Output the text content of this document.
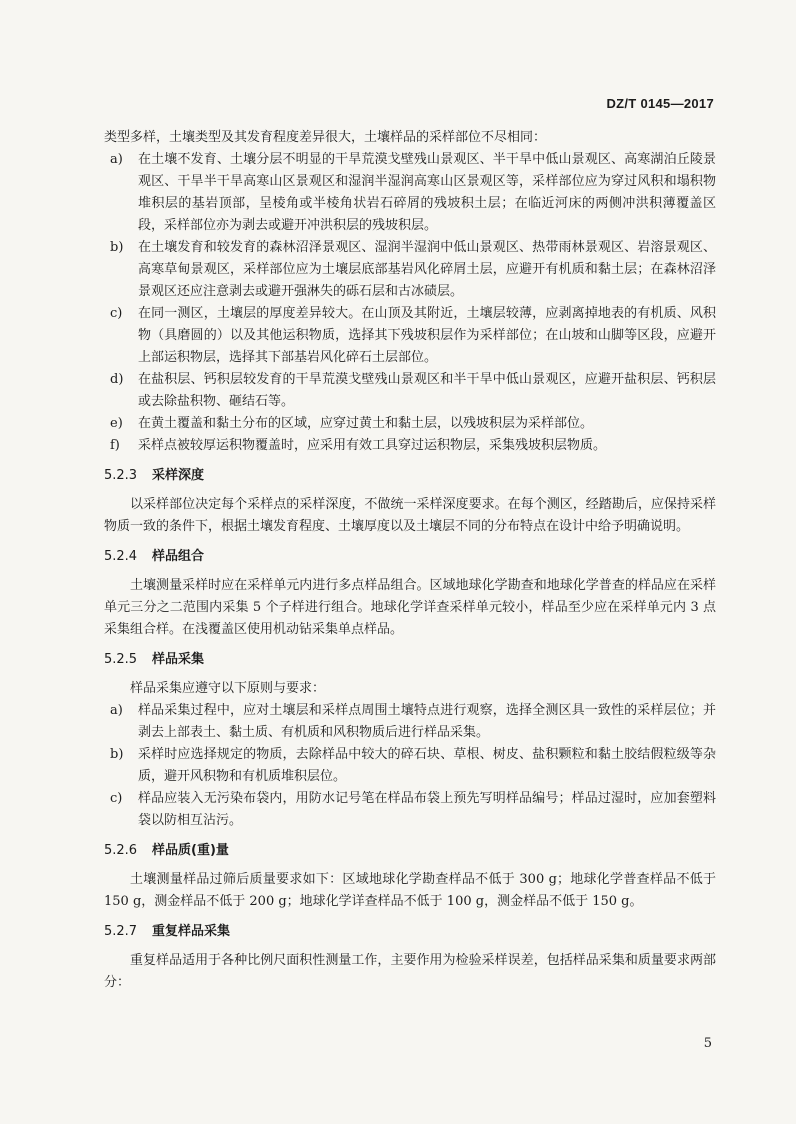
DZ/T 0145—2017

类型多样，土壤类型及其发育程度差异很大，土壤样品的采样部位不尽相同：

a)	在土壤不发育、土壤分层不明显的干旱荒漠戈壁残山景观区、半干旱中低山景观区、高寒湖泊丘陵景观区、干旱半干旱高寒山区景观区和湿润半湿润高寒山区景观区等，采样部位应为穿过风积和塌积物堆积层的基岩顶部，呈棱角或半棱角状岩石碎屑的残坡积土层；在临近河床的两侧冲洪积薄覆盖区段，采样部位亦为剥去或避开冲洪积层的残坡积层。
b)	在土壤发育和较发育的森林沼泽景观区、湿润半湿润中低山景观区、热带雨林景观区、岩溶景观区、高寒草甸景观区，采样部位应为土壤层底部基岩风化碎屑土层，应避开有机质和黏土层；在森林沼泽景观区还应注意剥去或避开强淋失的砾石层和古冰碛层。
c)	在同一测区，土壤层的厚度差异较大。在山顶及其附近，土壤层较薄，应剥离掉地表的有机质、风积物（具磨圆的）以及其他运积物质，选择其下残坡积层作为采样部位；在山坡和山脚等区段，应避开上部运积物层，选择其下部基岩风化碎石土层部位。
d)	在盐积层、钙积层较发育的干旱荒漠戈壁残山景观区和半干旱中低山景观区，应避开盐积层、钙积层或去除盐积物、砸结石等。
e)	在黄土覆盖和黏土分布的区域，应穿过黄土和黏土层，以残坡积层为采样部位。
f)	采样点被较厚运积物覆盖时，应采用有效工具穿过运积物层，采集残坡积层物质。
5.2.3 采样深度

以采样部位决定每个采样点的采样深度，不做统一采样深度要求。在每个测区，经踏勘后，应保持采样物质一致的条件下，根据土壤发育程度、土壤厚度以及土壤层不同的分布特点在设计中给予明确说明。

5.2.4 样品组合

土壤测量采样时应在采样单元内进行多点样品组合。区域地球化学勘查和地球化学普查的样品应在采样单元三分之二范围内采集 5 个子样进行组合。地球化学详查采样单元较小，样品至少应在采样单元内 3 点采集组合样。在浅覆盖区使用机动钻采集单点样品。

5.2.5 样品采集

样品采集应遵守以下原则与要求：

a)	样品采集过程中，应对土壤层和采样点周围土壤特点进行观察，选择全测区具一致性的采样层位；并剥去上部表土、黏土质、有机质和风积物质后进行样品采集。
b)	采样时应选择规定的物质，去除样品中较大的碎石块、草根、树皮、盐积颗粒和黏土胶结假粒级等杂质，避开风积物和有机质堆积层位。
c)	样品应装入无污染布袋内，用防水记号笔在样品布袋上预先写明样品编号；样品过湿时，应加套塑料袋以防相互沾污。
5.2.6 样品质(重)量

土壤测量样品过筛后质量要求如下：区域地球化学勘查样品不低于 300 g；地球化学普查样品不低于 150 g，测金样品不低于 200 g；地球化学详查样品不低于 100 g，测金样品不低于 150 g。

5.2.7 重复样品采集

重复样品适用于各种比例尺面积性测量工作，主要作用为检验采样误差，包括样品采集和质量要求两部分：

5
